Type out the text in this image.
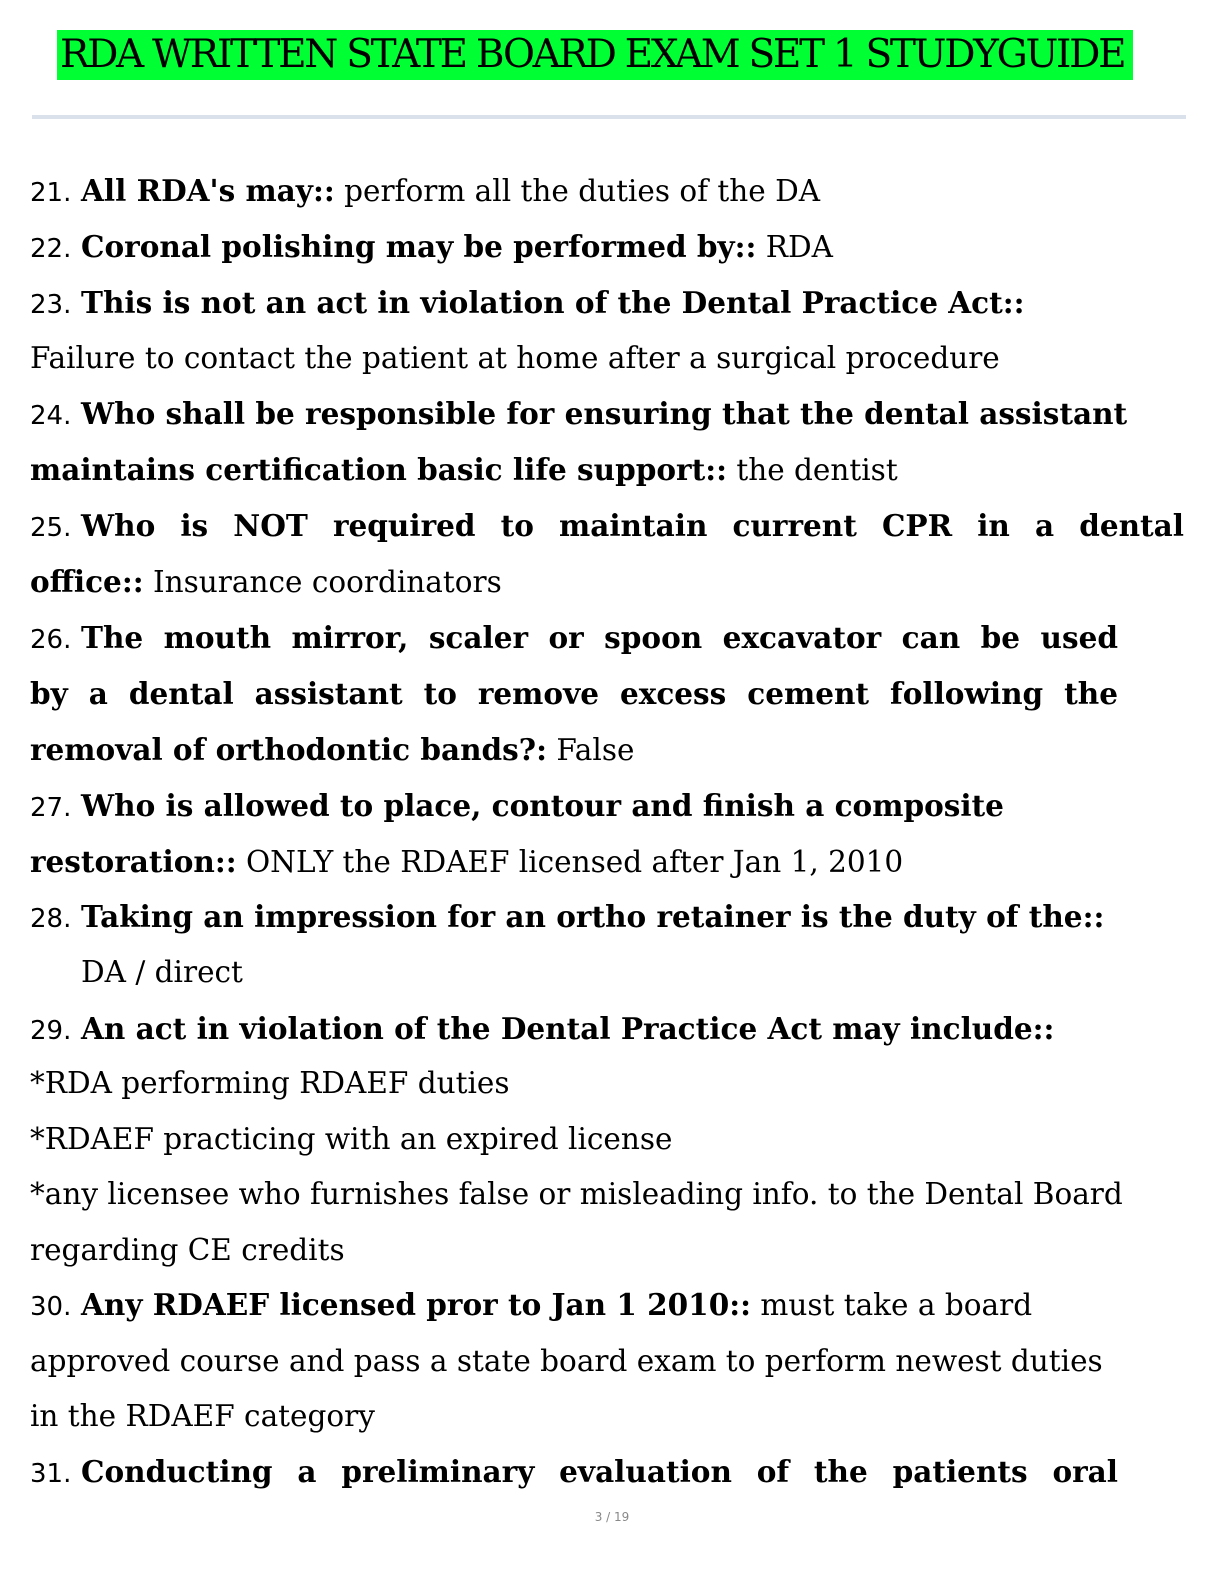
RDA WRITTEN STATE BOARD EXAM SET 1 STUDYGUIDE
21. All RDA's may:: perform all the duties of the DA
22. Coronal polishing may be performed by:: RDA
23. This is not an act in violation of the Dental Practice Act::
Failure to contact the patient at home after a surgical procedure
24. Who shall be responsible for ensuring that the dental assistant
maintains certification basic life support:: the dentist
25. Who is NOT required to maintain current CPR in a dental
office:: Insurance coordinators
26. The mouth mirror, scaler or spoon excavator can be used
by a dental assistant to remove excess cement following the
removal of orthodontic bands?: False
27. Who is allowed to place, contour and finish a composite
restoration:: ONLY the RDAEF licensed after Jan 1, 2010
28. Taking an impression for an ortho retainer is the duty of the::
DA / direct
29. An act in violation of the Dental Practice Act may include::
*RDA performing RDAEF duties
*RDAEF practicing with an expired license
*any licensee who furnishes false or misleading info. to the Dental Board
regarding CE credits
30. Any RDAEF licensed pror to Jan 1 2010:: must take a board
approved course and pass a state board exam to perform newest duties
in the RDAEF category
31. Conducting a preliminary evaluation of the patients oral
3 / 19
